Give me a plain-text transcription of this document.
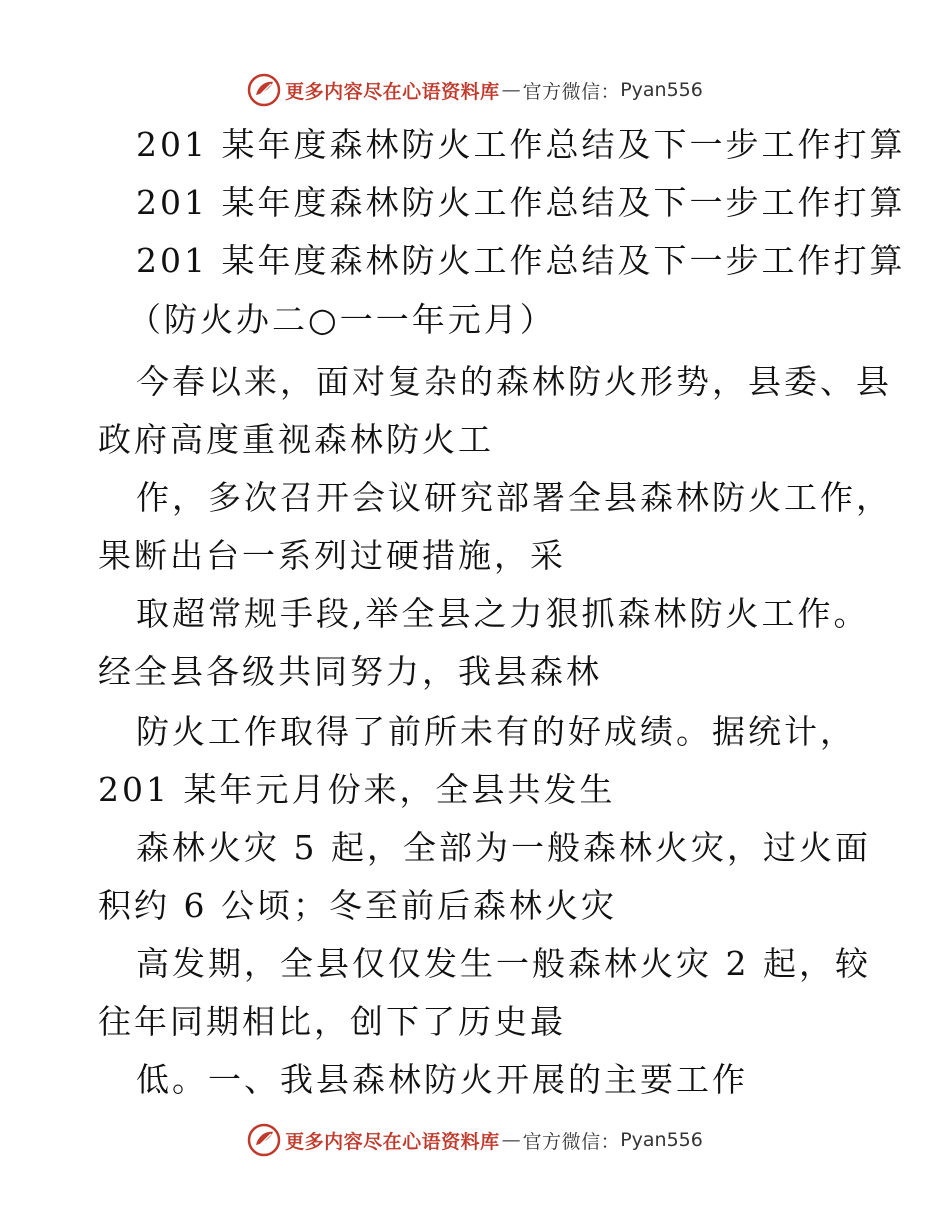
更多内容尽在心语资料库 — 官方微信： Pyan556
201 某年度森林防火工作总结及下一步工作打算
201 某年度森林防火工作总结及下一步工作打算
201 某年度森林防火工作总结及下一步工作打算
（防火办二○一一年元月）
今春以来，面对复杂的森林防火形势，县委、县
政府高度重视森林防火工
作，多次召开会议研究部署全县森林防火工作，
果断出台一系列过硬措施，采
取超常规手段,举全县之力狠抓森林防火工作。
经全县各级共同努力，我县森林
防火工作取得了前所未有的好成绩。据统计，
201 某年元月份来，全县共发生
森林火灾 5 起，全部为一般森林火灾，过火面
积约 6 公顷；冬至前后森林火灾
高发期，全县仅仅发生一般森林火灾 2 起，较
往年同期相比，创下了历史最
低。一、我县森林防火开展的主要工作
更多内容尽在心语资料库 — 官方微信： Pyan556
